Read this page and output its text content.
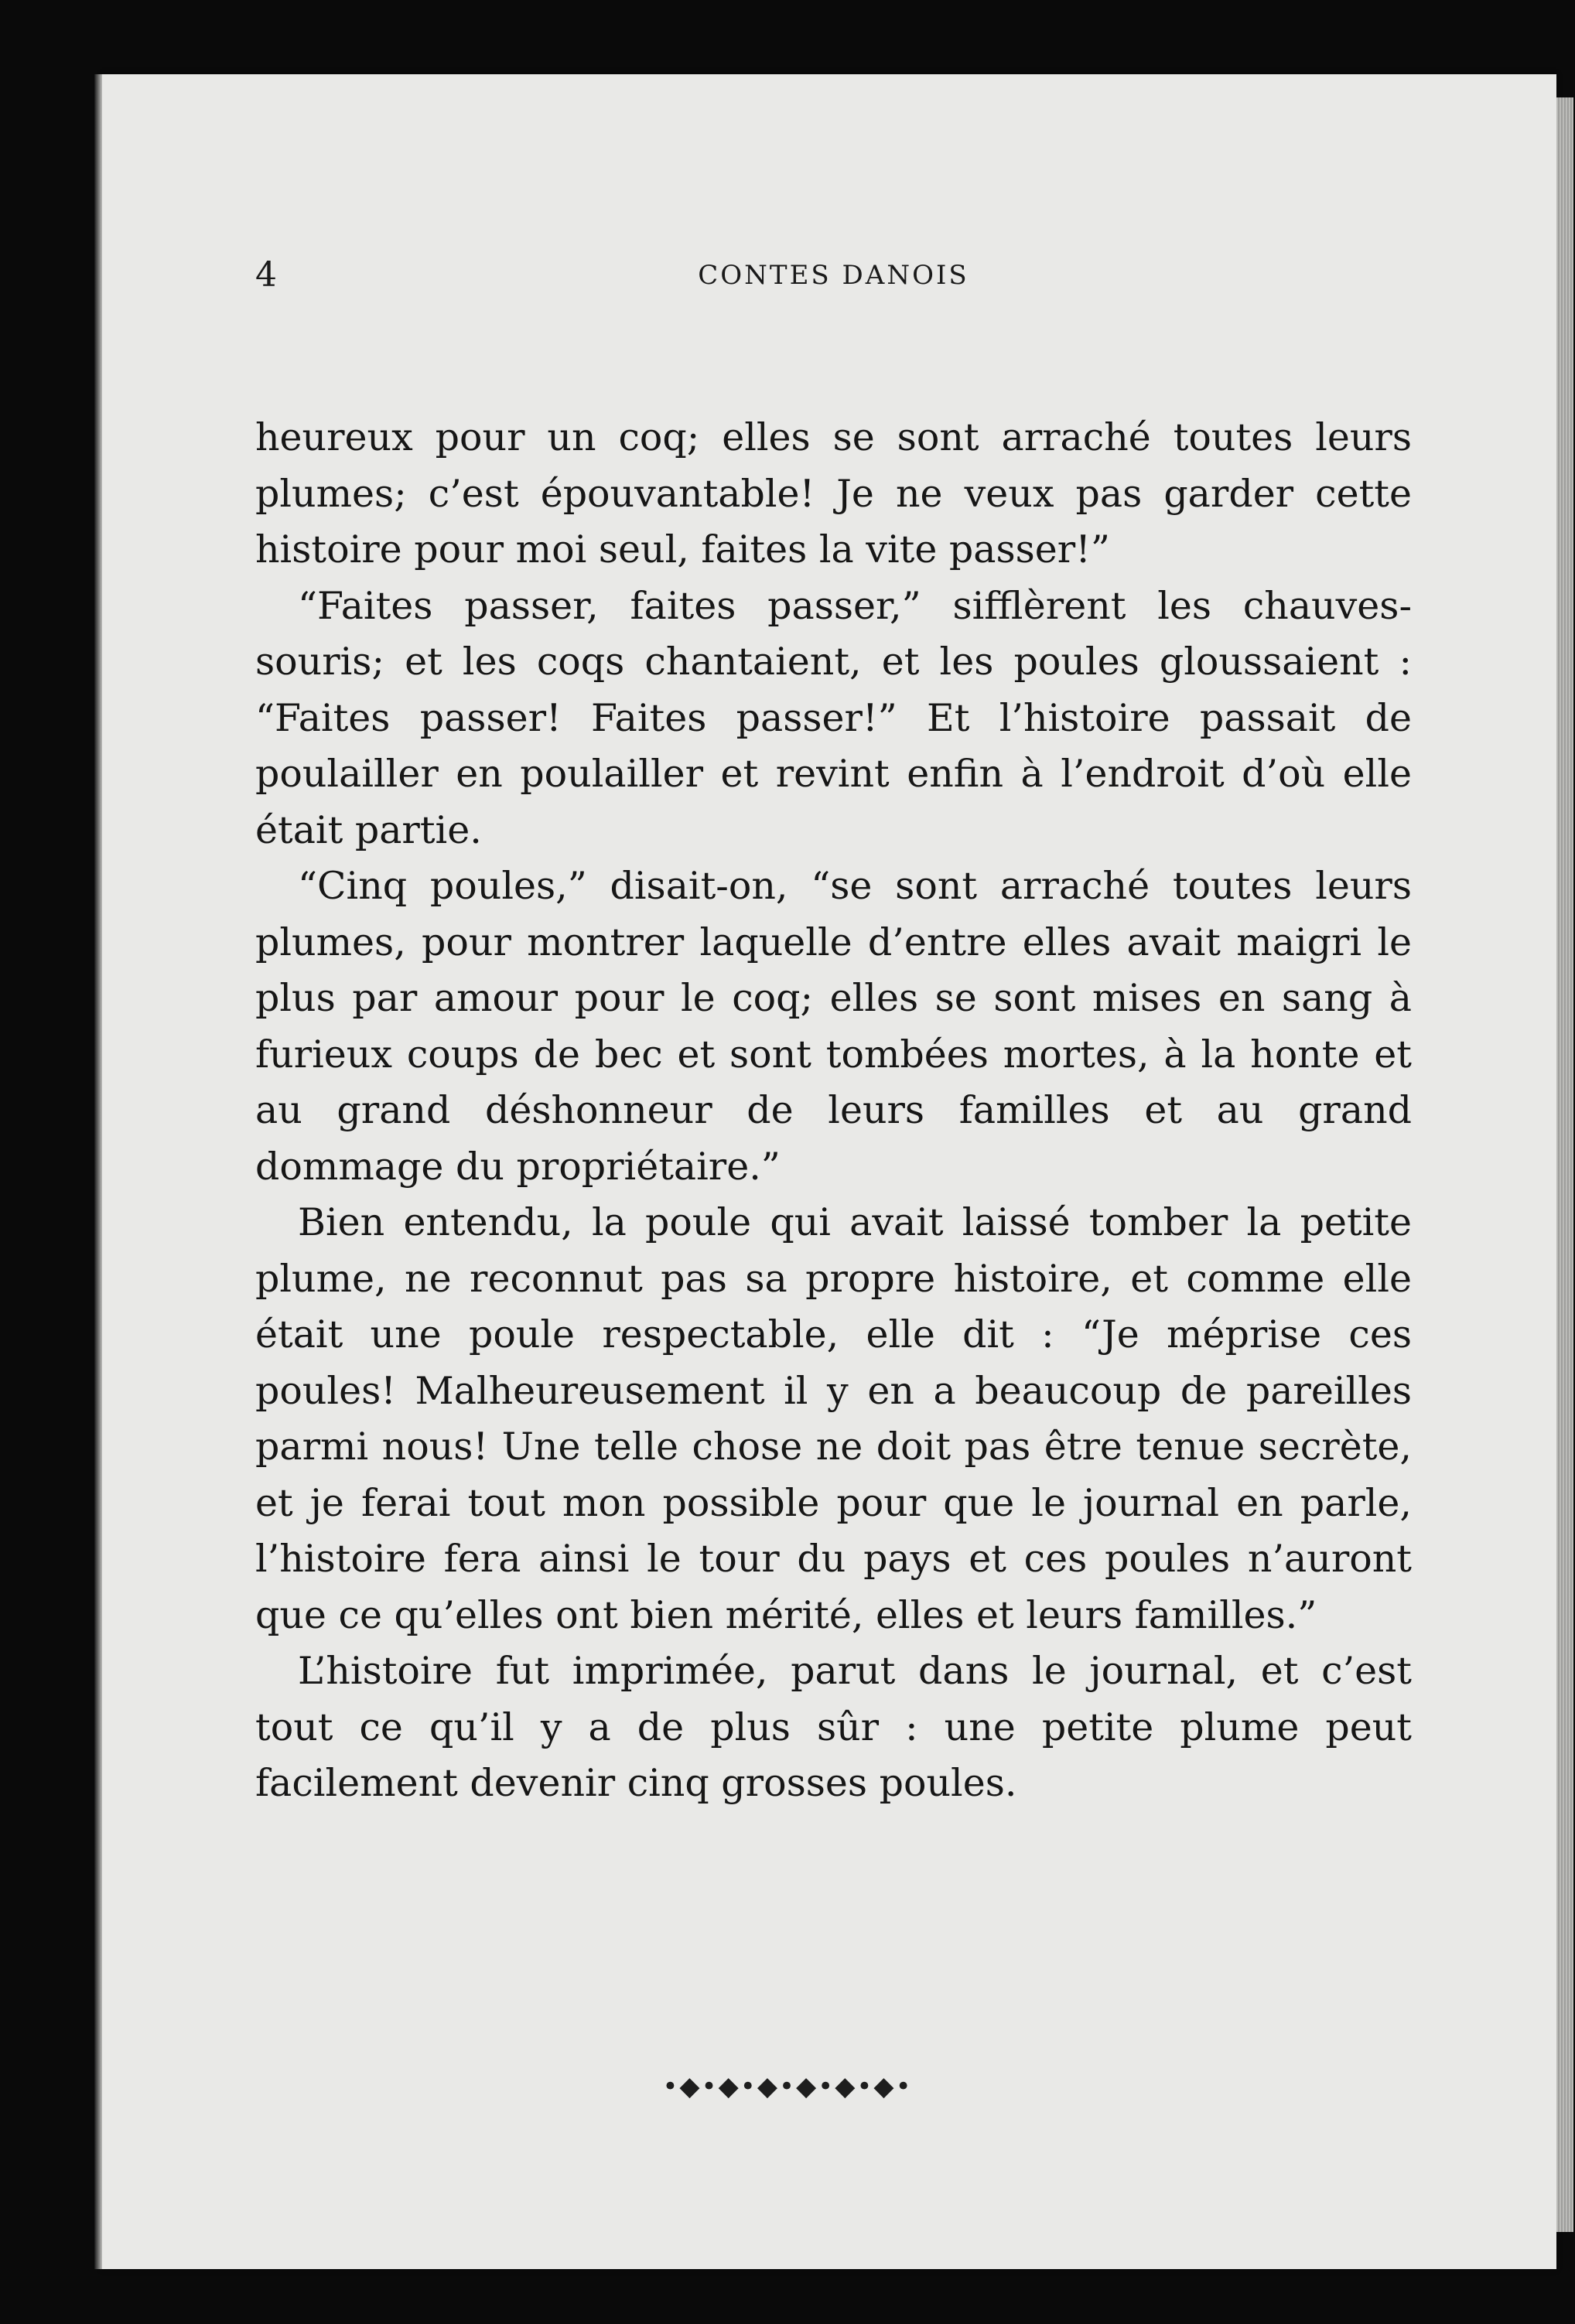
4	CONTES DANOIS

heureux pour un coq; elles se sont arraché toutes leurs plumes; c’est épouvantable! Je ne veux pas garder cette histoire pour moi seul, faites la vite passer!”

“Faites passer, faites passer,” sifflèrent les chauves-souris; et les coqs chantaient, et les poules gloussaient : “Faites passer! Faites passer!” Et l’histoire passait de poulailler en poulailler et revint enfin à l’endroit d’où elle était partie.

“Cinq poules,” disait-on, “se sont arraché toutes leurs plumes, pour montrer laquelle d’entre elles avait maigri le plus par amour pour le coq; elles se sont mises en sang à furieux coups de bec et sont tombées mortes, à la honte et au grand déshonneur de leurs familles et au grand dommage du propriétaire.”

Bien entendu, la poule qui avait laissé tomber la petite plume, ne reconnut pas sa propre histoire, et comme elle était une poule respectable, elle dit : “Je méprise ces poules! Malheureusement il y en a beaucoup de pareilles parmi nous! Une telle chose ne doit pas être tenue secrète, et je ferai tout mon possible pour que le journal en parle, l’histoire fera ainsi le tour du pays et ces poules n’auront que ce qu’elles ont bien mérité, elles et leurs familles.”

L’histoire fut imprimée, parut dans le journal, et c’est tout ce qu’il y a de plus sûr : une petite plume peut facilement devenir cinq grosses poules.

•◆•◆•◆•◆•◆•◆•
